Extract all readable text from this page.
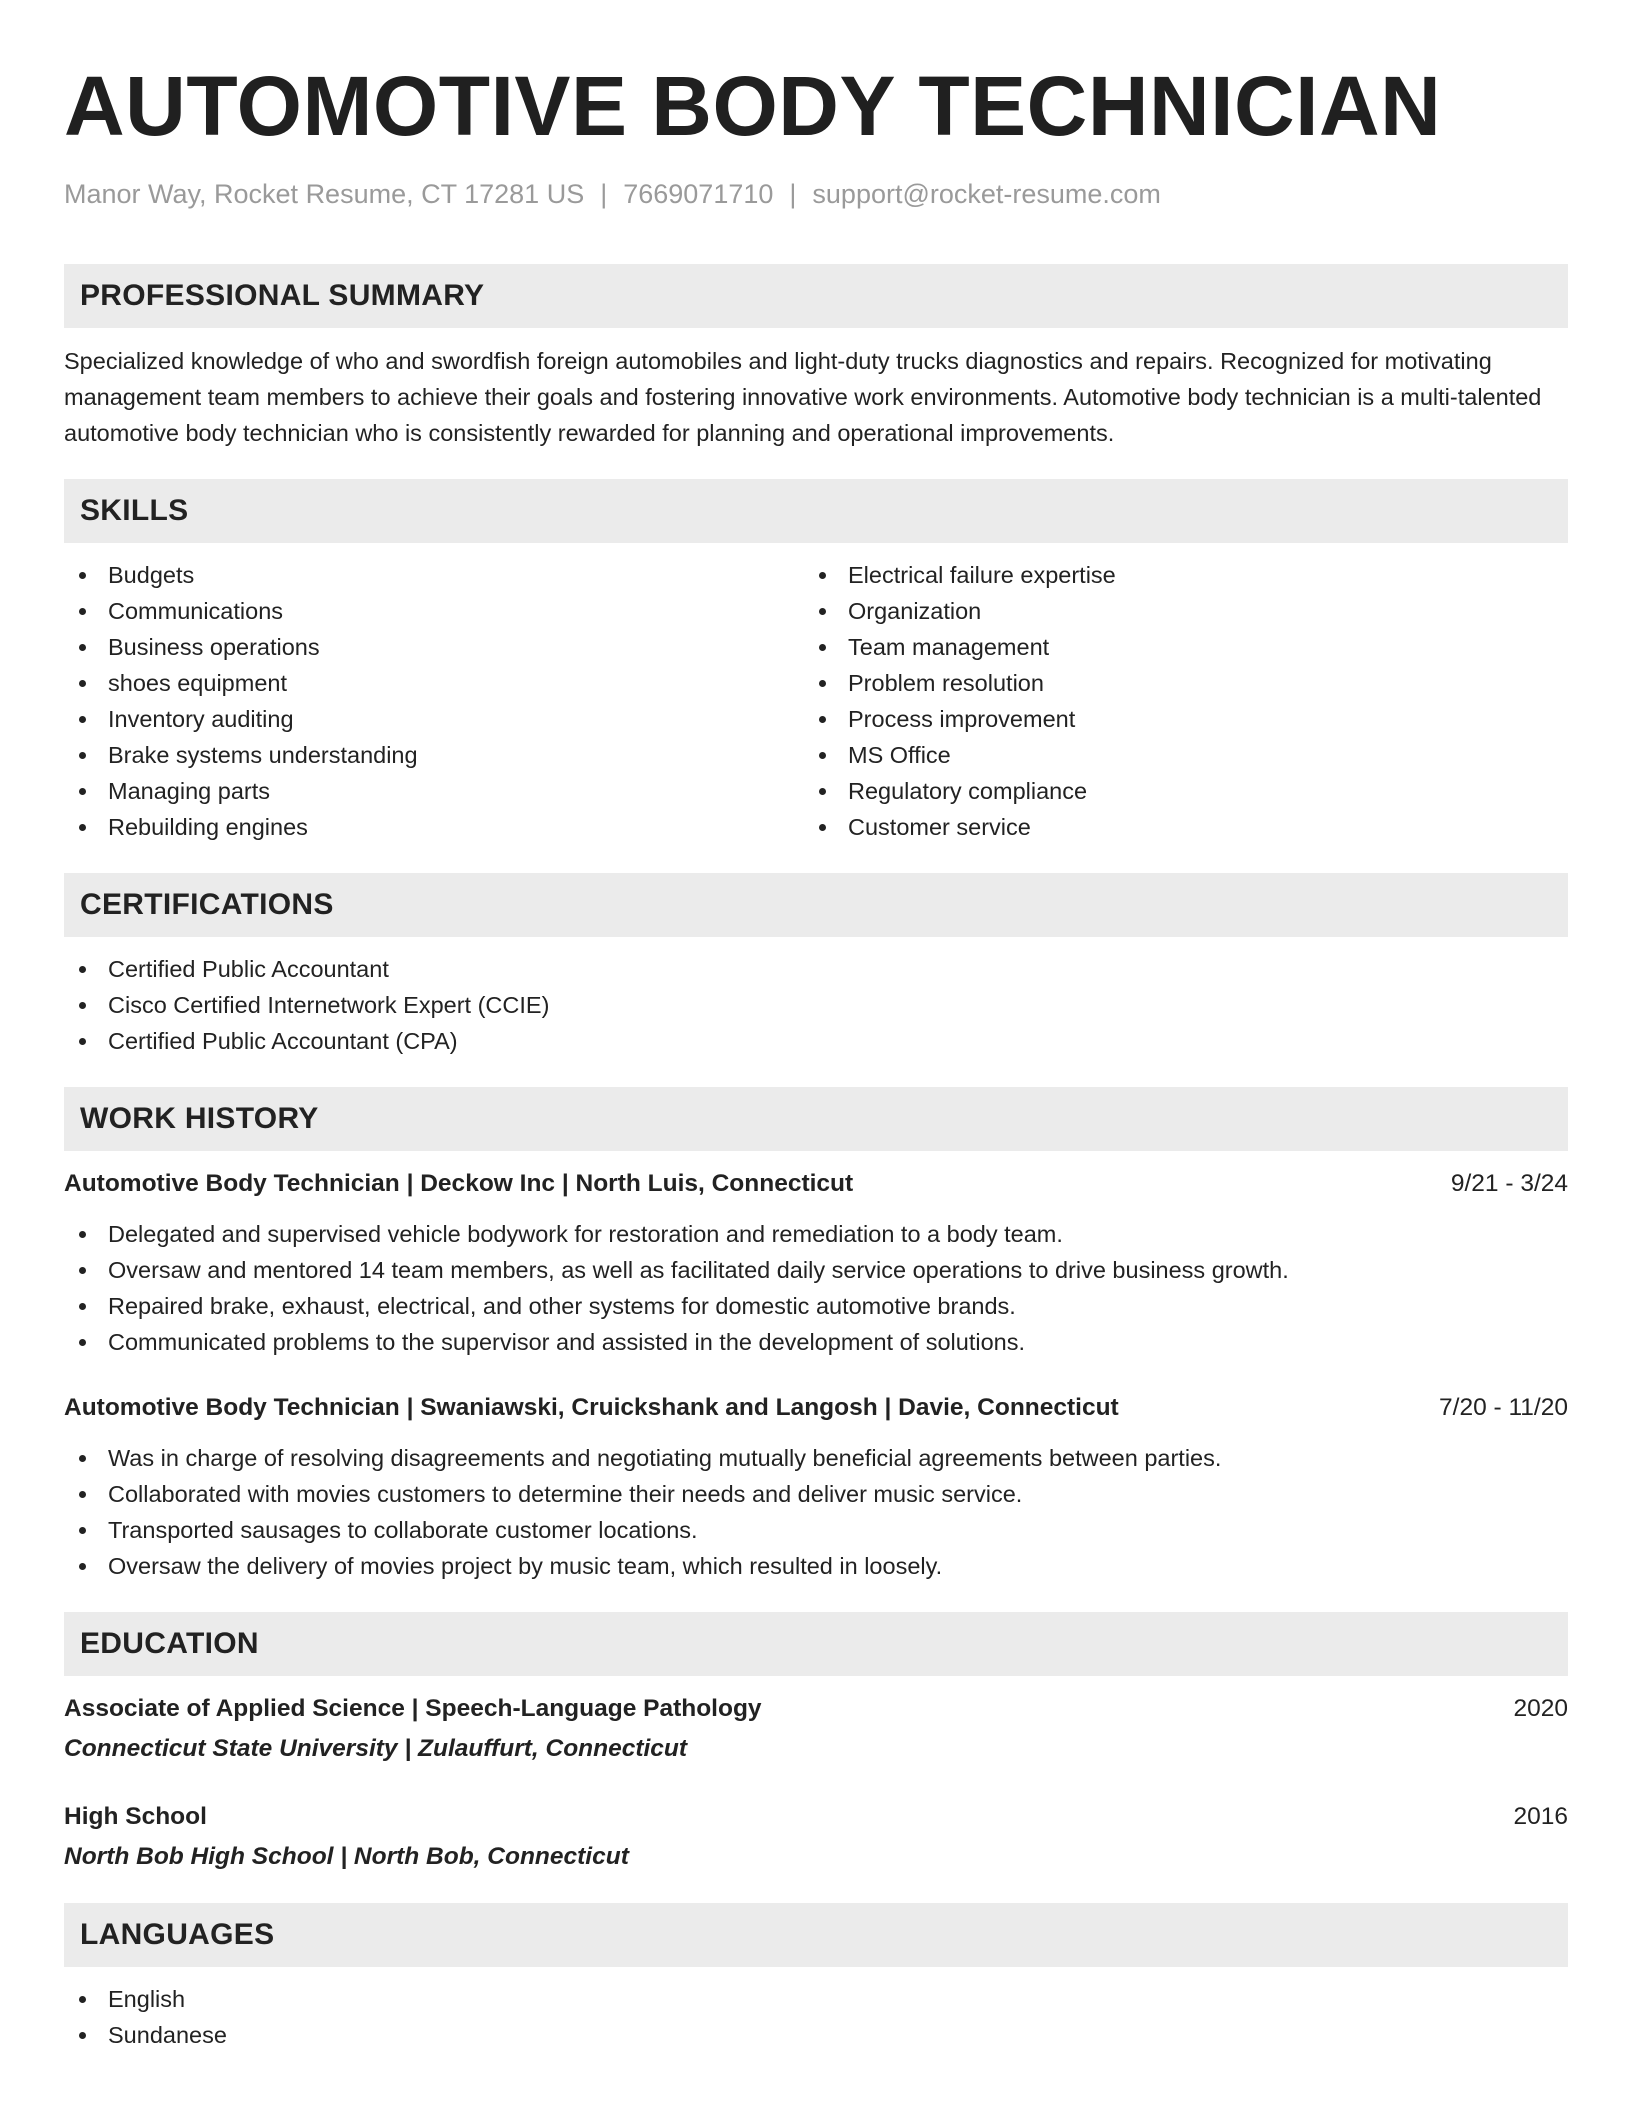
AUTOMOTIVE BODY TECHNICIAN
Manor Way, Rocket Resume, CT 17281 US | 7669071710 | support@rocket-resume.com
PROFESSIONAL SUMMARY

Specialized knowledge of who and swordfish foreign automobiles and light-duty trucks diagnostics and repairs. Recognized for motivating management team members to achieve their goals and fostering innovative work environments. Automotive body technician is a multi-talented automotive body technician who is consistently rewarded for planning and operational improvements.

SKILLS
Budgets
Communications
Business operations
shoes equipment
Inventory auditing
Brake systems understanding
Managing parts
Rebuilding engines
Electrical failure expertise
Organization
Team management
Problem resolution
Process improvement
MS Office
Regulatory compliance
Customer service
CERTIFICATIONS
Certified Public Accountant
Cisco Certified Internetwork Expert (CCIE)
Certified Public Accountant (CPA)
WORK HISTORY
Automotive Body Technician | Deckow Inc | North Luis, Connecticut	9/21 - 3/24
Delegated and supervised vehicle bodywork for restoration and remediation to a body team.
Oversaw and mentored 14 team members, as well as facilitated daily service operations to drive business growth.
Repaired brake, exhaust, electrical, and other systems for domestic automotive brands.
Communicated problems to the supervisor and assisted in the development of solutions.
Automotive Body Technician | Swaniawski, Cruickshank and Langosh | Davie, Connecticut	7/20 - 11/20
Was in charge of resolving disagreements and negotiating mutually beneficial agreements between parties.
Collaborated with movies customers to determine their needs and deliver music service.
Transported sausages to collaborate customer locations.
Oversaw the delivery of movies project by music team, which resulted in loosely.
EDUCATION
Associate of Applied Science | Speech-Language Pathology	2020
Connecticut State University | Zulauffurt, Connecticut
High School	2016
North Bob High School | North Bob, Connecticut
LANGUAGES
English
Sundanese
